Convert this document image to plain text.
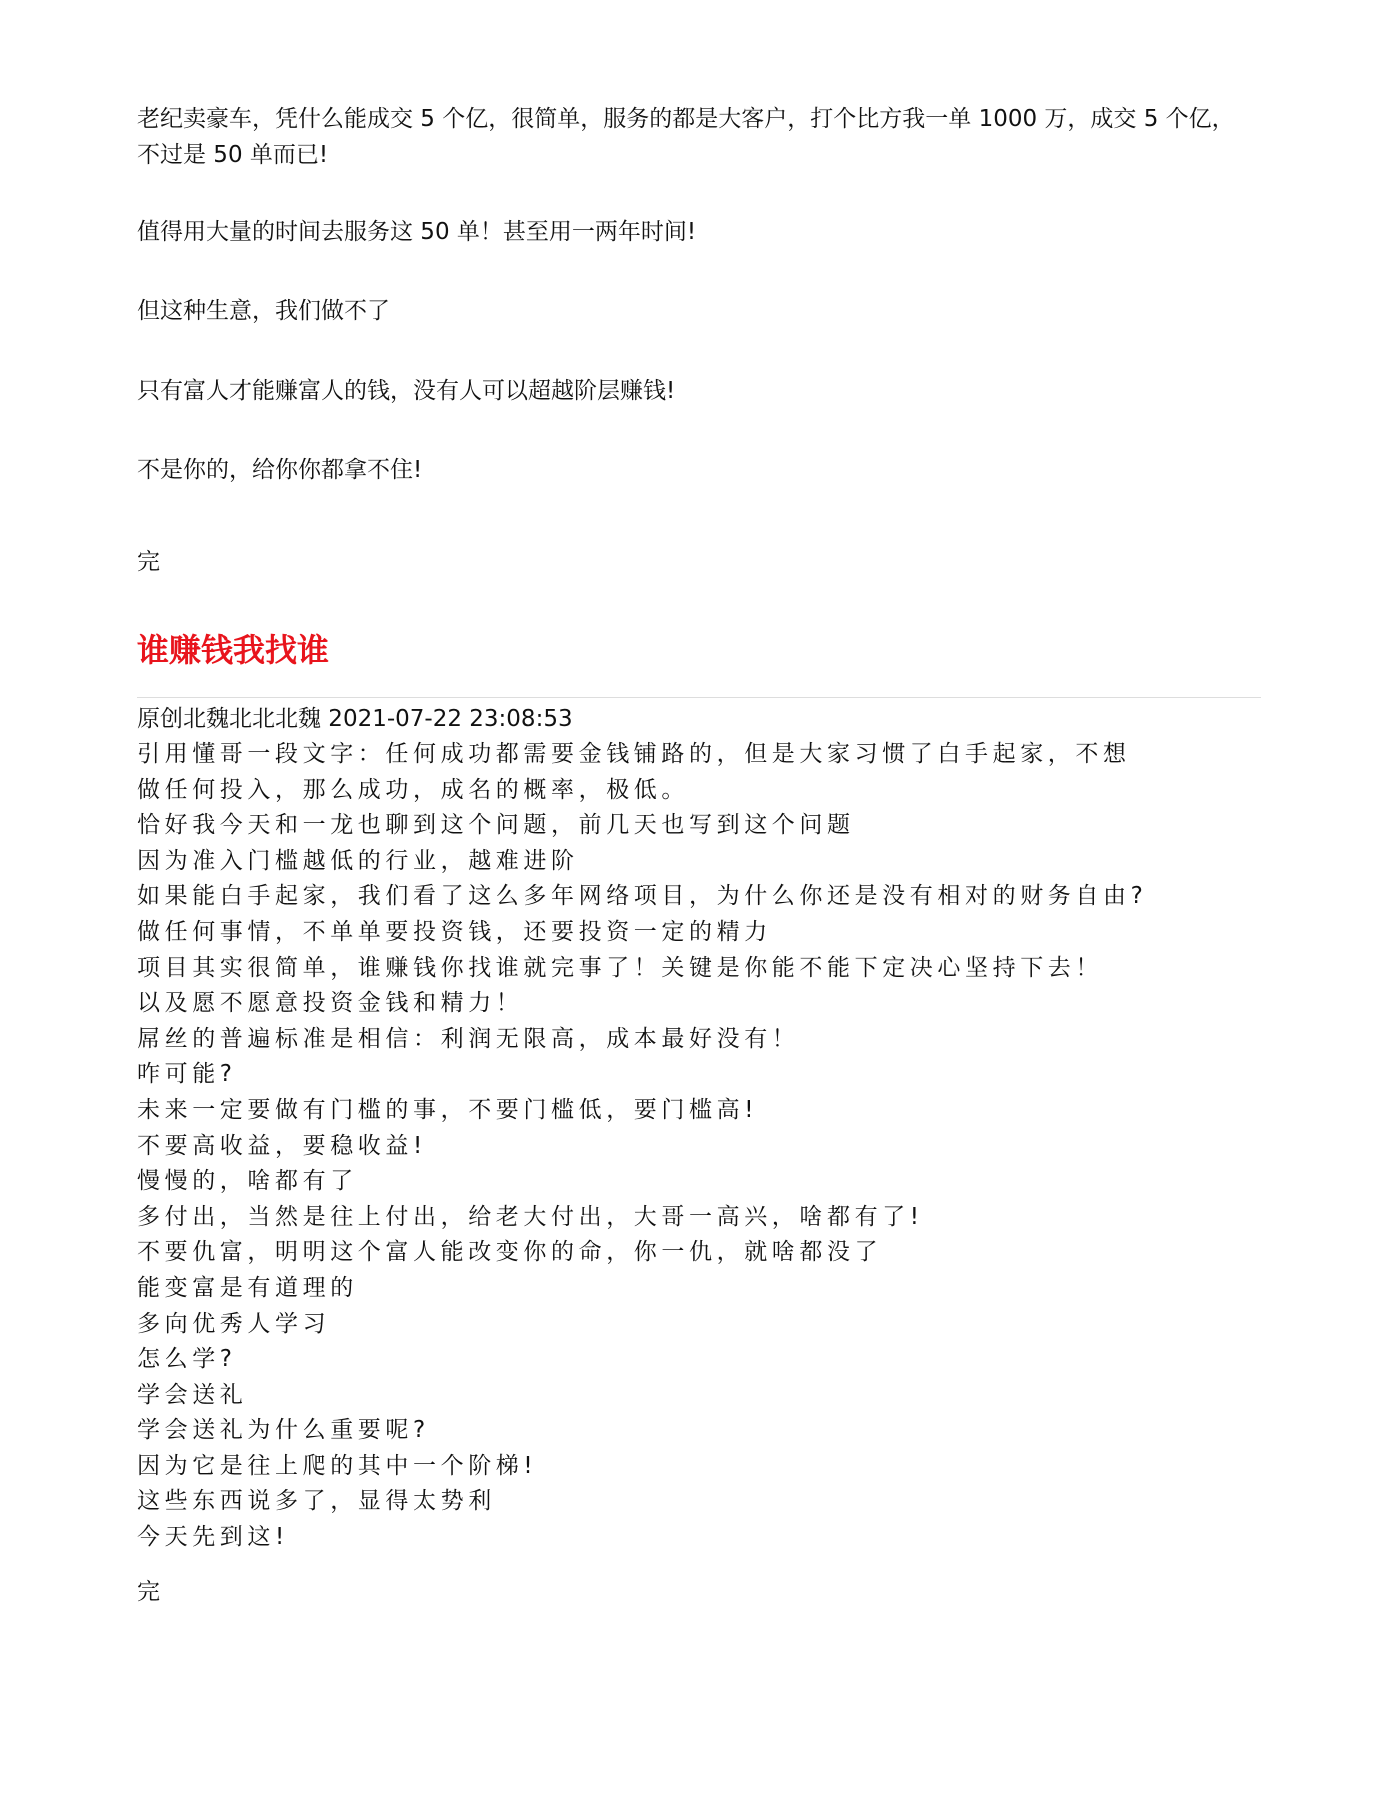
老纪卖豪车，凭什么能成交 5 个亿，很简单，服务的都是大客户，打个比方我一单 1000 万，成交 5 个亿，不过是 50 单而已!

值得用大量的时间去服务这 50 单！甚至用一两年时间!

但这种生意，我们做不了

只有富人才能赚富人的钱，没有人可以超越阶层赚钱!

不是你的，给你你都拿不住!

完

谁赚钱我找谁

原创北魏北北北魏 2021-07-22 23:08:53

引用懂哥一段文字：任何成功都需要金钱铺路的，但是大家习惯了白手起家，不想
做任何投入，那么成功，成名的概率，极低。
恰好我今天和一龙也聊到这个问题，前几天也写到这个问题
因为准入门槛越低的行业，越难进阶
如果能白手起家，我们看了这么多年网络项目，为什么你还是没有相对的财务自由?
做任何事情，不单单要投资钱，还要投资一定的精力
项目其实很简单，谁赚钱你找谁就完事了！关键是你能不能下定决心坚持下去！
以及愿不愿意投资金钱和精力！
屌丝的普遍标准是相信：利润无限高，成本最好没有！
咋可能?
未来一定要做有门槛的事，不要门槛低，要门槛高!
不要高收益，要稳收益!
慢慢的，啥都有了
多付出，当然是往上付出，给老大付出，大哥一高兴，啥都有了!
不要仇富，明明这个富人能改变你的命，你一仇，就啥都没了
能变富是有道理的
多向优秀人学习
怎么学?
学会送礼
学会送礼为什么重要呢?
因为它是往上爬的其中一个阶梯!
这些东西说多了，显得太势利
今天先到这!

完
